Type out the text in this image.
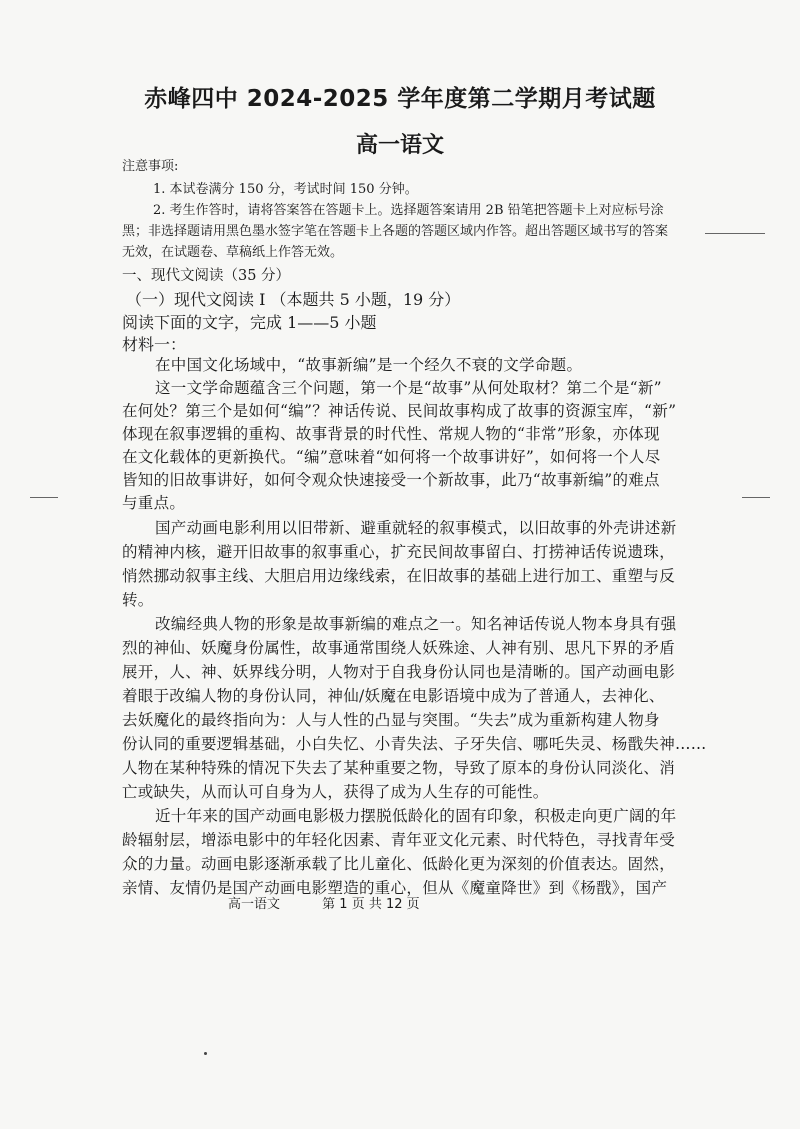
赤峰四中 2024-2025 学年度第二学期月考试题
高一语文
注意事项:
1. 本试卷满分 150 分，考试时间 150 分钟。
2. 考生作答时，请将答案答在答题卡上。选择题答案请用 2B 铅笔把答题卡上对应标号涂
黑；非选择题请用黑色墨水签字笔在答题卡上各题的答题区域内作答。超出答题区域书写的答案
无效，在试题卷、草稿纸上作答无效。
一、现代文阅读（35 分）
（一）现代文阅读 I （本题共 5 小题，19 分）
阅读下面的文字，完成 1——5 小题
材料一：
在中国文化场域中，“故事新编”是一个经久不衰的文学命题。
这一文学命题蕴含三个问题，第一个是“故事”从何处取材？第二个是“新”
在何处？第三个是如何“编”？神话传说、民间故事构成了故事的资源宝库，“新”
体现在叙事逻辑的重构、故事背景的时代性、常规人物的“非常”形象，亦体现
在文化载体的更新换代。“编”意味着“如何将一个故事讲好”，如何将一个人尽
皆知的旧故事讲好，如何令观众快速接受一个新故事，此乃“故事新编”的难点
与重点。
国产动画电影利用以旧带新、避重就轻的叙事模式，以旧故事的外壳讲述新
的精神内核，避开旧故事的叙事重心，扩充民间故事留白、打捞神话传说遗珠，
悄然挪动叙事主线、大胆启用边缘线索，在旧故事的基础上进行加工、重塑与反
转。
改编经典人物的形象是故事新编的难点之一。知名神话传说人物本身具有强
烈的神仙、妖魔身份属性，故事通常围绕人妖殊途、人神有别、思凡下界的矛盾
展开，人、神、妖界线分明，人物对于自我身份认同也是清晰的。国产动画电影
着眼于改编人物的身份认同，神仙/妖魔在电影语境中成为了普通人，去神化、
去妖魔化的最终指向为：人与人性的凸显与突围。“失去”成为重新构建人物身
份认同的重要逻辑基础，小白失忆、小青失法、子牙失信、哪吒失灵、杨戬失神……
人物在某种特殊的情况下失去了某种重要之物，导致了原本的身份认同淡化、消
亡或缺失，从而认可自身为人，获得了成为人生存的可能性。
近十年来的国产动画电影极力摆脱低龄化的固有印象，积极走向更广阔的年
龄辐射层，增添电影中的年轻化因素、青年亚文化元素、时代特色，寻找青年受
众的力量。动画电影逐渐承载了比儿童化、低龄化更为深刻的价值表达。固然，
亲情、友情仍是国产动画电影塑造的重心，但从《魔童降世》到《杨戬》，国产
高一语文	第 1 页 共 12 页
